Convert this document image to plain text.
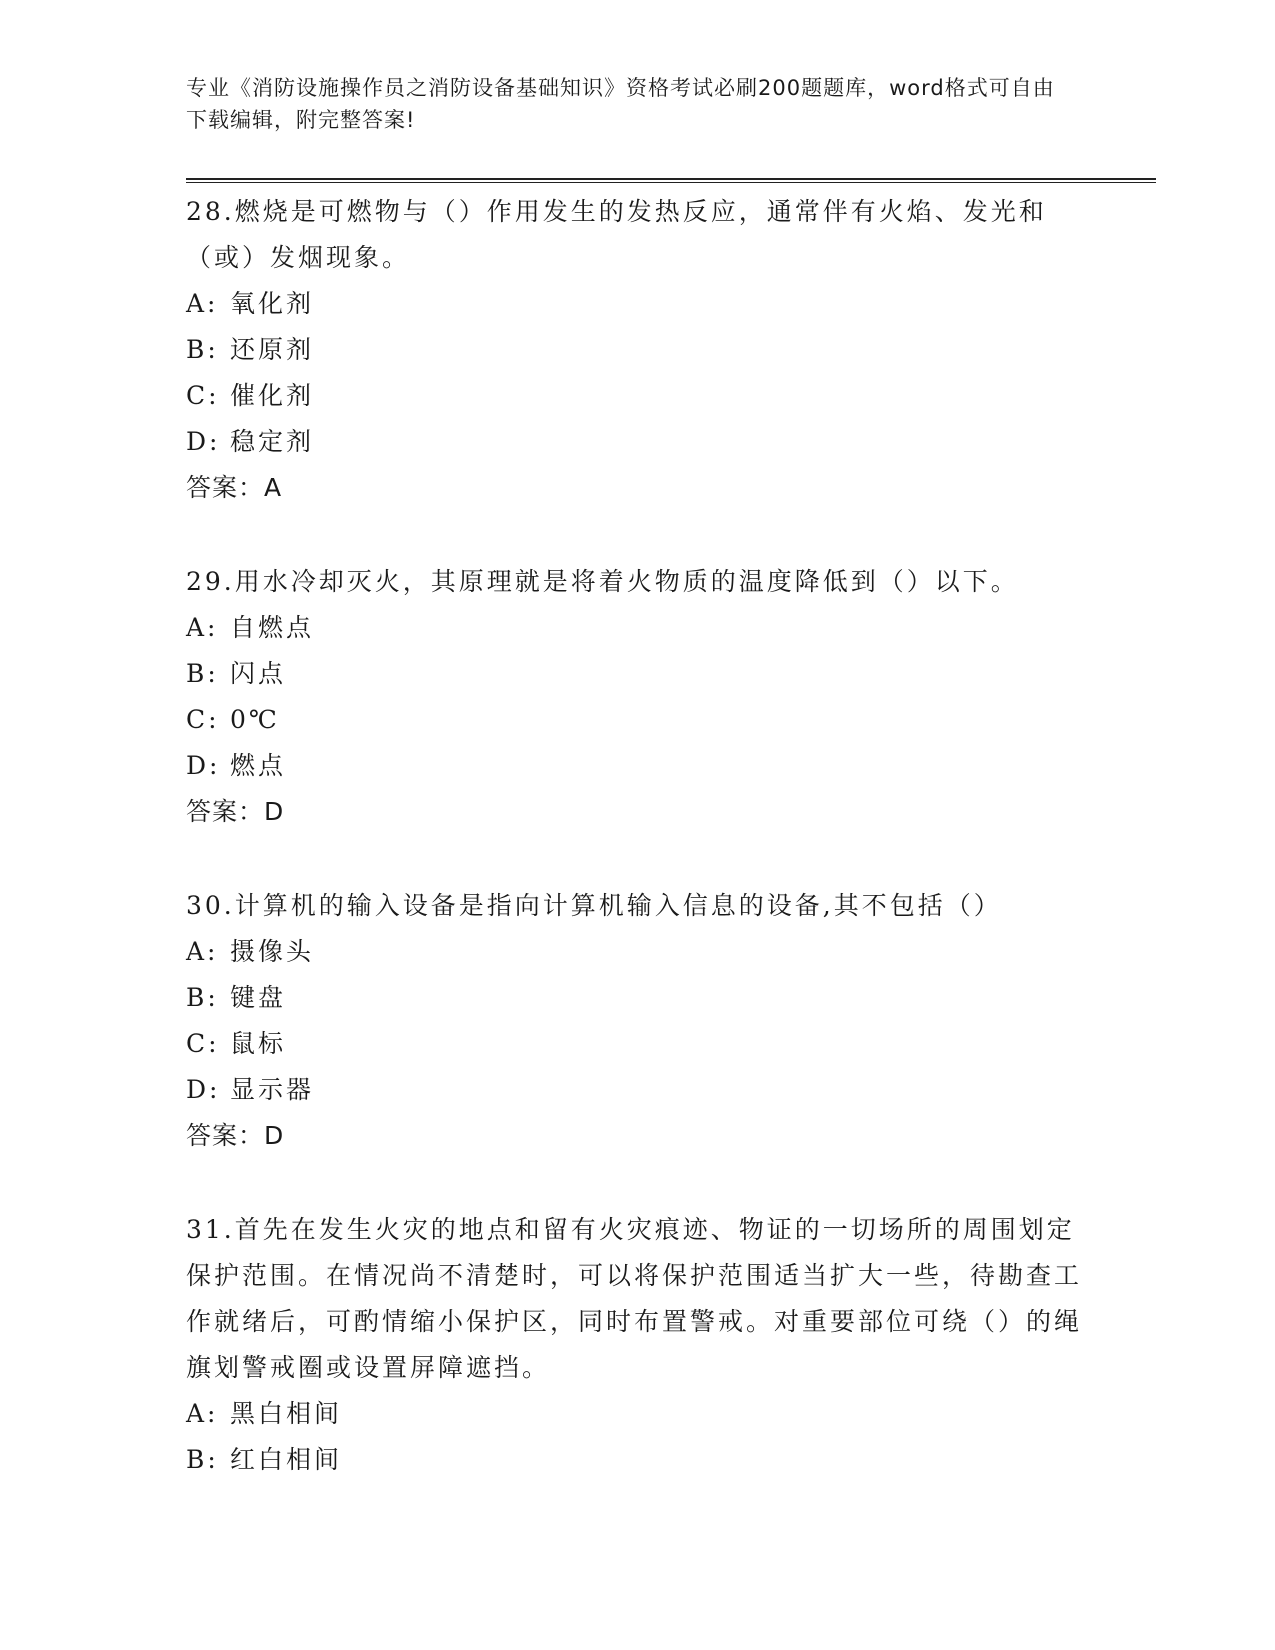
专业《消防设施操作员之消防设备基础知识》资格考试必刷200题题库，word格式可自由下载编辑，附完整答案!

28.燃烧是可燃物与（）作用发生的发热反应，通常伴有火焰、发光和（或）发烟现象。

A: 氧化剂

B: 还原剂

C: 催化剂

D: 稳定剂

答案：A

29.用水冷却灭火，其原理就是将着火物质的温度降低到（）以下。

A: 自燃点

B: 闪点

C: 0℃

D: 燃点

答案：D

30.计算机的输入设备是指向计算机输入信息的设备,其不包括（）

A: 摄像头

B: 键盘

C: 鼠标

D: 显示器

答案：D

31.首先在发生火灾的地点和留有火灾痕迹、物证的一切场所的周围划定保护范围。在情况尚不清楚时，可以将保护范围适当扩大一些，待勘查工作就绪后，可酌情缩小保护区，同时布置警戒。对重要部位可绕（）的绳旗划警戒圈或设置屏障遮挡。

A: 黑白相间

B: 红白相间
